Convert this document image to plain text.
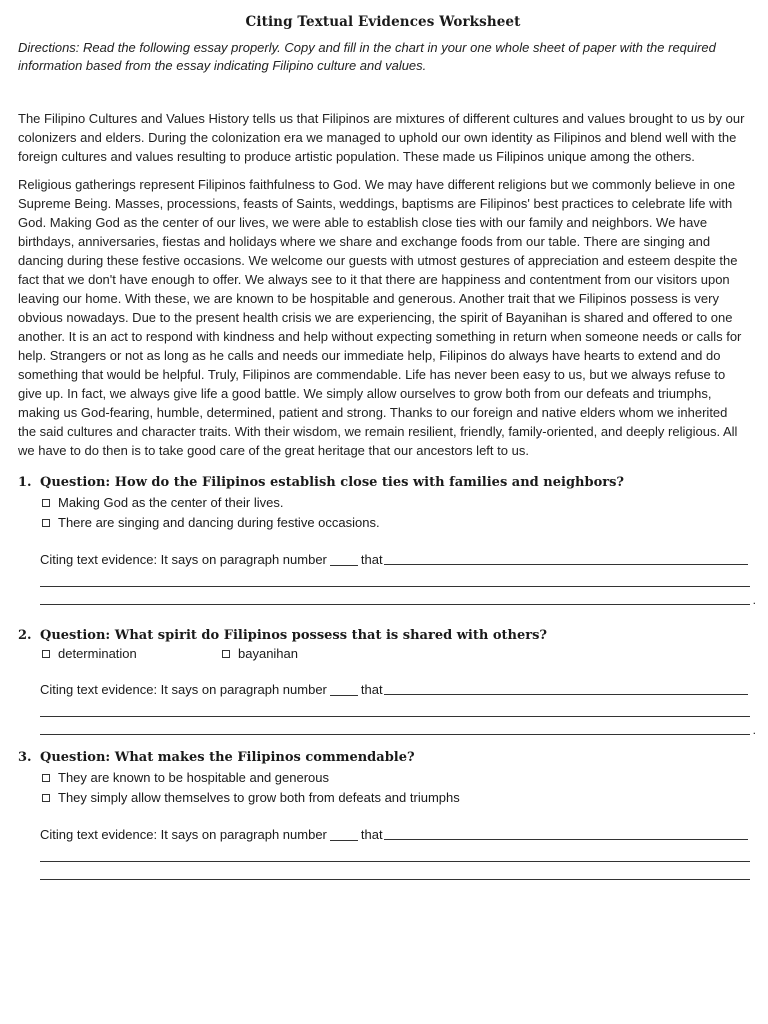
Citing Textual Evidences Worksheet
Directions: Read the following essay properly. Copy and fill in the chart in your one whole sheet of paper with the required information based from the essay indicating Filipino culture and values.

The Filipino Cultures and Values History tells us that Filipinos are mixtures of different cultures and values brought to us by our colonizers and elders. During the colonization era we managed to uphold our own identity as Filipinos and blend well with the foreign cultures and values resulting to produce artistic population. These made us Filipinos unique among the others.

Religious gatherings represent Filipinos faithfulness to God. We may have different religions but we commonly believe in one Supreme Being. Masses, processions, feasts of Saints, weddings, baptisms are Filipinos' best practices to celebrate life with God. Making God as the center of our lives, we were able to establish close ties with our family and neighbors. We have birthdays, anniversaries, fiestas and holidays where we share and exchange foods from our table. There are singing and dancing during these festive occasions. We welcome our guests with utmost gestures of appreciation and esteem despite the fact that we don't have enough to offer. We always see to it that there are happiness and contentment from our visitors upon leaving our home. With these, we are known to be hospitable and generous. Another trait that we Filipinos possess is very obvious nowadays. Due to the present health crisis we are experiencing, the spirit of Bayanihan is shared and offered to one another. It is an act to respond with kindness and help without expecting something in return when someone needs or calls for help. Strangers or not as long as he calls and needs our immediate help, Filipinos do always have hearts to extend and do something that would be helpful. Truly, Filipinos are commendable. Life has never been easy to us, but we always refuse to give up. In fact, we always give life a good battle. We simply allow ourselves to grow both from our defeats and triumphs, making us God-fearing, humble, determined, patient and strong. Thanks to our foreign and native elders whom we inherited the said cultures and character traits. With their wisdom, we remain resilient, friendly, family-oriented, and deeply religious. All we have to do then is to take good care of the great heritage that our ancestors left to us.

1. Question: How do the Filipinos establish close ties with families and neighbors?
Making God as the center of their lives.
There are singing and dancing during festive occasions.
Citing text evidence: It says on paragraph number	that
.
2. Question: What spirit do Filipinos possess that is shared with others?
determination	bayanihan
Citing text evidence: It says on paragraph number	that
.
3. Question: What makes the Filipinos commendable?
They are known to be hospitable and generous
They simply allow themselves to grow both from defeats and triumphs
Citing text evidence: It says on paragraph number	that
